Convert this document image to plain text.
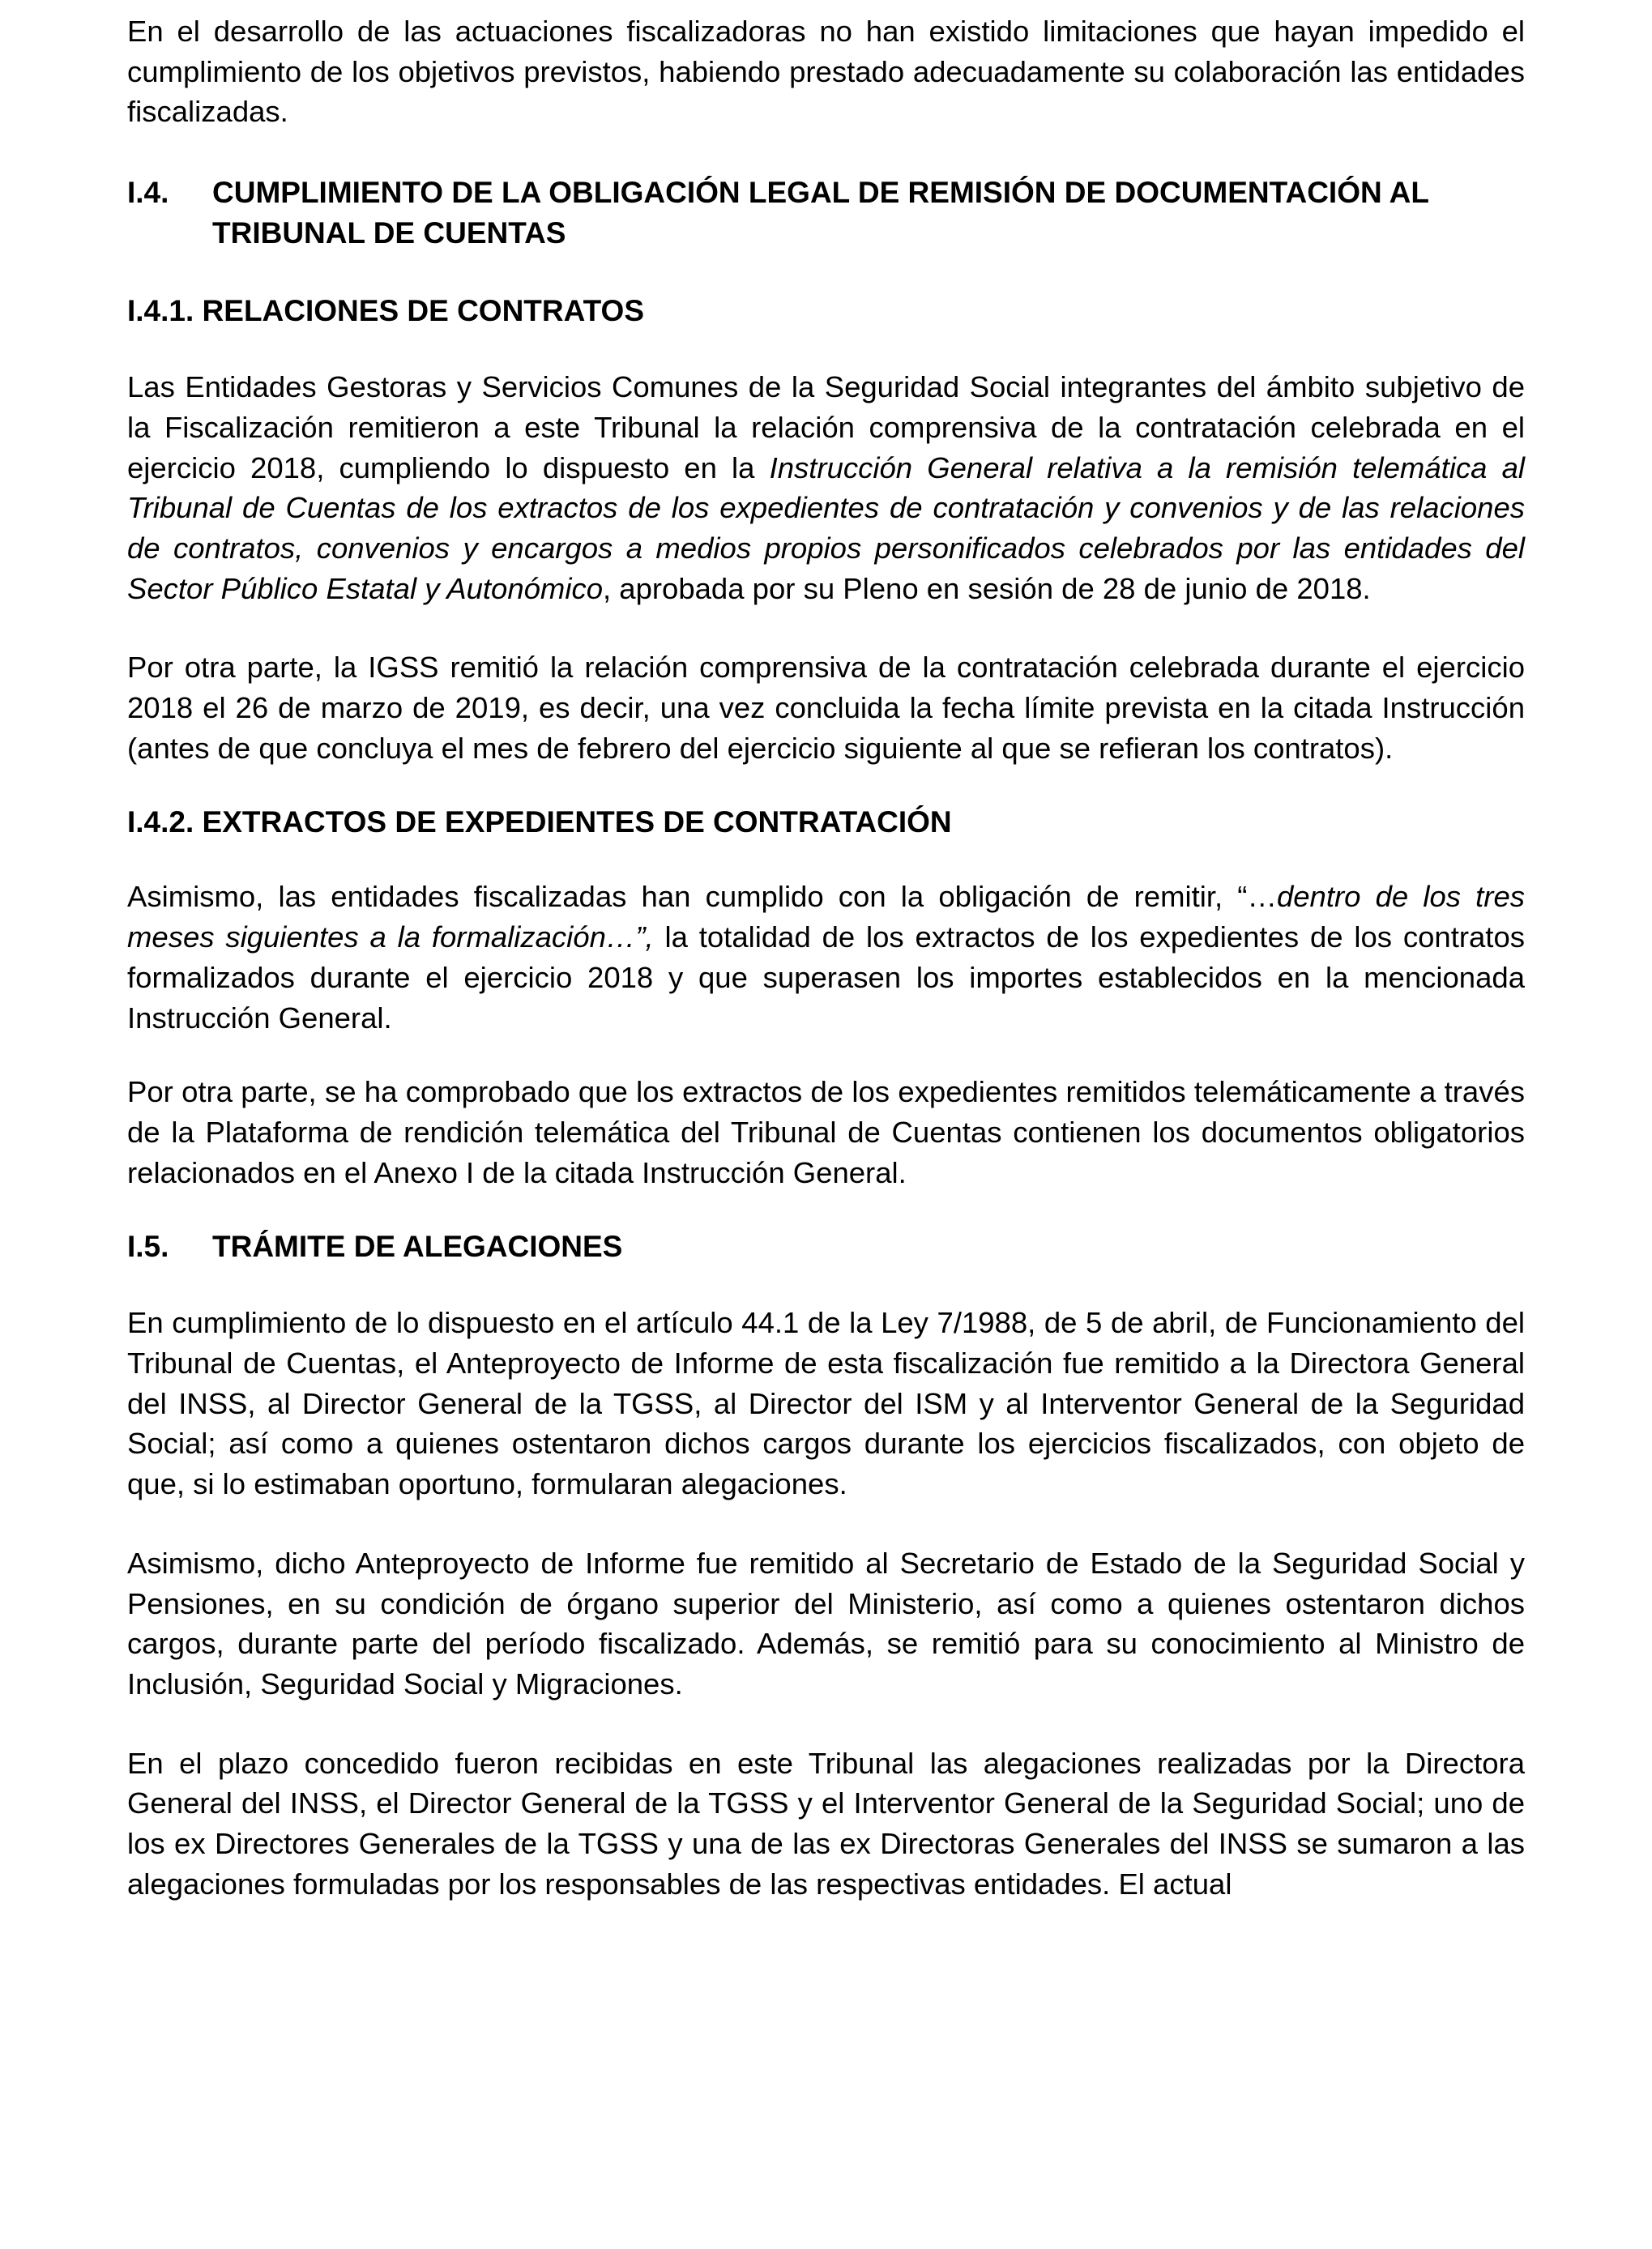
En el desarrollo de las actuaciones fiscalizadoras no han existido limitaciones que hayan impedido el cumplimiento de los objetivos previstos, habiendo prestado adecuadamente su colaboración las entidades fiscalizadas.

I.4.	CUMPLIMIENTO DE LA OBLIGACIÓN LEGAL DE REMISIÓN DE DOCUMENTACIÓN AL TRIBUNAL DE CUENTAS
I.4.1. RELACIONES DE CONTRATOS

Las Entidades Gestoras y Servicios Comunes de la Seguridad Social integrantes del ámbito subjetivo de la Fiscalización remitieron a este Tribunal la relación comprensiva de la contratación celebrada en el ejercicio 2018, cumpliendo lo dispuesto en la Instrucción General relativa a la remisión telemática al Tribunal de Cuentas de los extractos de los expedientes de contratación y convenios y de las relaciones de contratos, convenios y encargos a medios propios personificados celebrados por las entidades del Sector Público Estatal y Autonómico, aprobada por su Pleno en sesión de 28 de junio de 2018.

Por otra parte, la IGSS remitió la relación comprensiva de la contratación celebrada durante el ejercicio 2018 el 26 de marzo de 2019, es decir, una vez concluida la fecha límite prevista en la citada Instrucción (antes de que concluya el mes de febrero del ejercicio siguiente al que se refieran los contratos).

I.4.2. EXTRACTOS DE EXPEDIENTES DE CONTRATACIÓN

Asimismo, las entidades fiscalizadas han cumplido con la obligación de remitir, “…dentro de los tres meses siguientes a la formalización…”, la totalidad de los extractos de los expedientes de los contratos formalizados durante el ejercicio 2018 y que superasen los importes establecidos en la mencionada Instrucción General.

Por otra parte, se ha comprobado que los extractos de los expedientes remitidos telemáticamente a través de la Plataforma de rendición telemática del Tribunal de Cuentas contienen los documentos obligatorios relacionados en el Anexo I de la citada Instrucción General.

I.5.	TRÁMITE DE ALEGACIONES

En cumplimiento de lo dispuesto en el artículo 44.1 de la Ley 7/1988, de 5 de abril, de Funcionamiento del Tribunal de Cuentas, el Anteproyecto de Informe de esta fiscalización fue remitido a la Directora General del INSS, al Director General de la TGSS, al Director del ISM y al Interventor General de la Seguridad Social; así como a quienes ostentaron dichos cargos durante los ejercicios fiscalizados, con objeto de que, si lo estimaban oportuno, formularan alegaciones.

Asimismo, dicho Anteproyecto de Informe fue remitido al Secretario de Estado de la Seguridad Social y Pensiones, en su condición de órgano superior del Ministerio, así como a quienes ostentaron dichos cargos, durante parte del período fiscalizado. Además, se remitió para su conocimiento al Ministro de Inclusión, Seguridad Social y Migraciones.

En el plazo concedido fueron recibidas en este Tribunal las alegaciones realizadas por la Directora General del INSS, el Director General de la TGSS y el Interventor General de la Seguridad Social; uno de los ex Directores Generales de la TGSS y una de las ex Directoras Generales del INSS se sumaron a las alegaciones formuladas por los responsables de las respectivas entidades. El actual
